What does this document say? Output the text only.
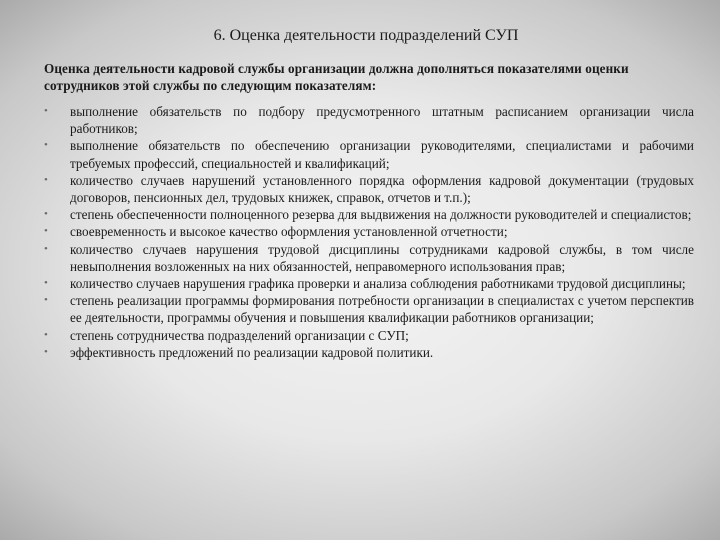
6. Оценка деятельности подразделений СУП
Оценка деятельности кадровой службы организации должна дополняться показателями оценки сотрудников этой службы по следующим показателям:
•	выполнение обязательств по подбору предусмотренного штатным расписанием организации числа работников;
•	выполнение обязательств по обеспечению организации руководителями, специалистами и рабочими требуемых профессий, специальностей и квалификаций;
•	количество случаев нарушений установленного порядка оформления кадровой документации (трудовых договоров, пенсионных дел, трудовых книжек, справок, отчетов и т.п.);
•	степень обеспеченности полноценного резерва для выдвижения на должности руководителей и специалистов;
•	своевременность и высокое качество оформления установленной отчетности;
•	количество случаев нарушения трудовой дисциплины сотрудниками кадровой службы, в том числе невыполнения возложенных на них обязанностей, неправомерного использования прав;
•	количество случаев нарушения графика проверки и анализа соблюдения работниками трудовой дисциплины;
•	степень реализации программы формирования потребности организации в специалистах с учетом перспектив ее деятельности, программы обучения и повышения квалификации работников организации;
•	степень сотрудничества подразделений организации с СУП;
•	эффективность предложений по реализации кадровой политики.
